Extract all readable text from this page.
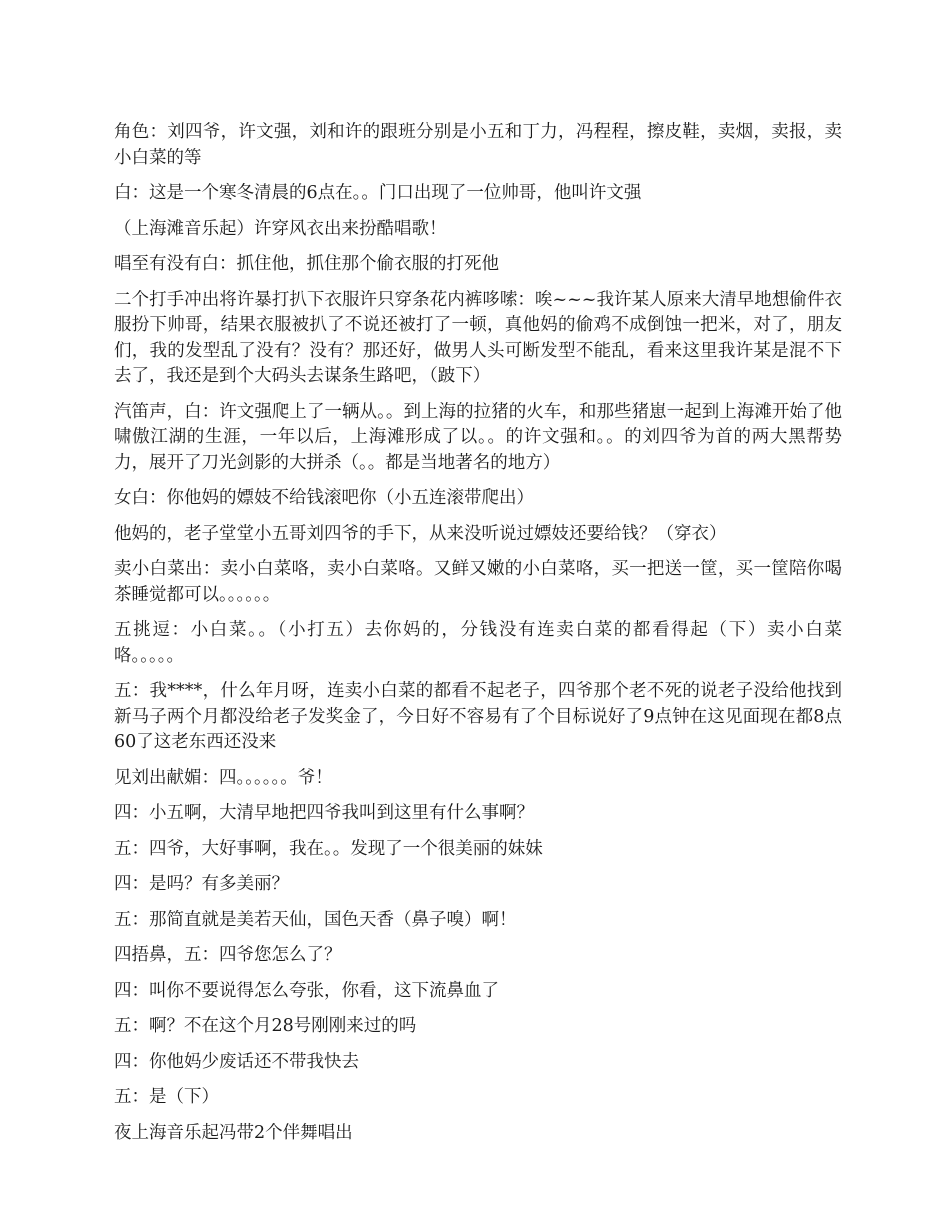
角色：刘四爷，许文强，刘和许的跟班分别是小五和丁力，冯程程，擦皮鞋，卖烟，卖报，卖小白菜的等

白：这是一个寒冬清晨的6点在。。门口出现了一位帅哥，他叫许文强

（上海滩音乐起）许穿风衣出来扮酷唱歌！

唱至有没有白：抓住他，抓住那个偷衣服的打死他

二个打手冲出将许暴打扒下衣服许只穿条花内裤哆嗦：唉~~~我许某人原来大清早地想偷件衣服扮下帅哥，结果衣服被扒了不说还被打了一顿，真他妈的偷鸡不成倒蚀一把米，对了，朋友们，我的发型乱了没有？没有？那还好，做男人头可断发型不能乱，看来这里我许某是混不下去了，我还是到个大码头去谋条生路吧，（跛下）

汽笛声，白：许文强爬上了一辆从。。到上海的拉猪的火车，和那些猪崽一起到上海滩开始了他啸傲江湖的生涯，一年以后，上海滩形成了以。。的许文强和。。的刘四爷为首的两大黑帮势力，展开了刀光剑影的大拼杀（。。都是当地著名的地方）

女白：你他妈的嫖妓不给钱滚吧你（小五连滚带爬出）

他妈的，老子堂堂小五哥刘四爷的手下，从来没听说过嫖妓还要给钱？（穿衣）

卖小白菜出：卖小白菜咯，卖小白菜咯。又鲜又嫩的小白菜咯，买一把送一筐，买一筐陪你喝茶睡觉都可以。。。。。。

五挑逗：小白菜。。（小打五）去你妈的，分钱没有连卖白菜的都看得起（下）卖小白菜咯。。。。。

五：我****，什么年月呀，连卖小白菜的都看不起老子，四爷那个老不死的说老子没给他找到新马子两个月都没给老子发奖金了，今日好不容易有了个目标说好了9点钟在这见面现在都8点60了这老东西还没来

见刘出献媚：四。。。。。。爷！

四：小五啊，大清早地把四爷我叫到这里有什么事啊？

五：四爷，大好事啊，我在。。发现了一个很美丽的妹妹

四：是吗？有多美丽？

五：那简直就是美若天仙，国色天香（鼻子嗅）啊！

四捂鼻，五：四爷您怎么了？

四：叫你不要说得怎么夸张，你看，这下流鼻血了

五：啊？不在这个月28号刚刚来过的吗

四：你他妈少废话还不带我快去

五：是（下）

夜上海音乐起冯带2个伴舞唱出
